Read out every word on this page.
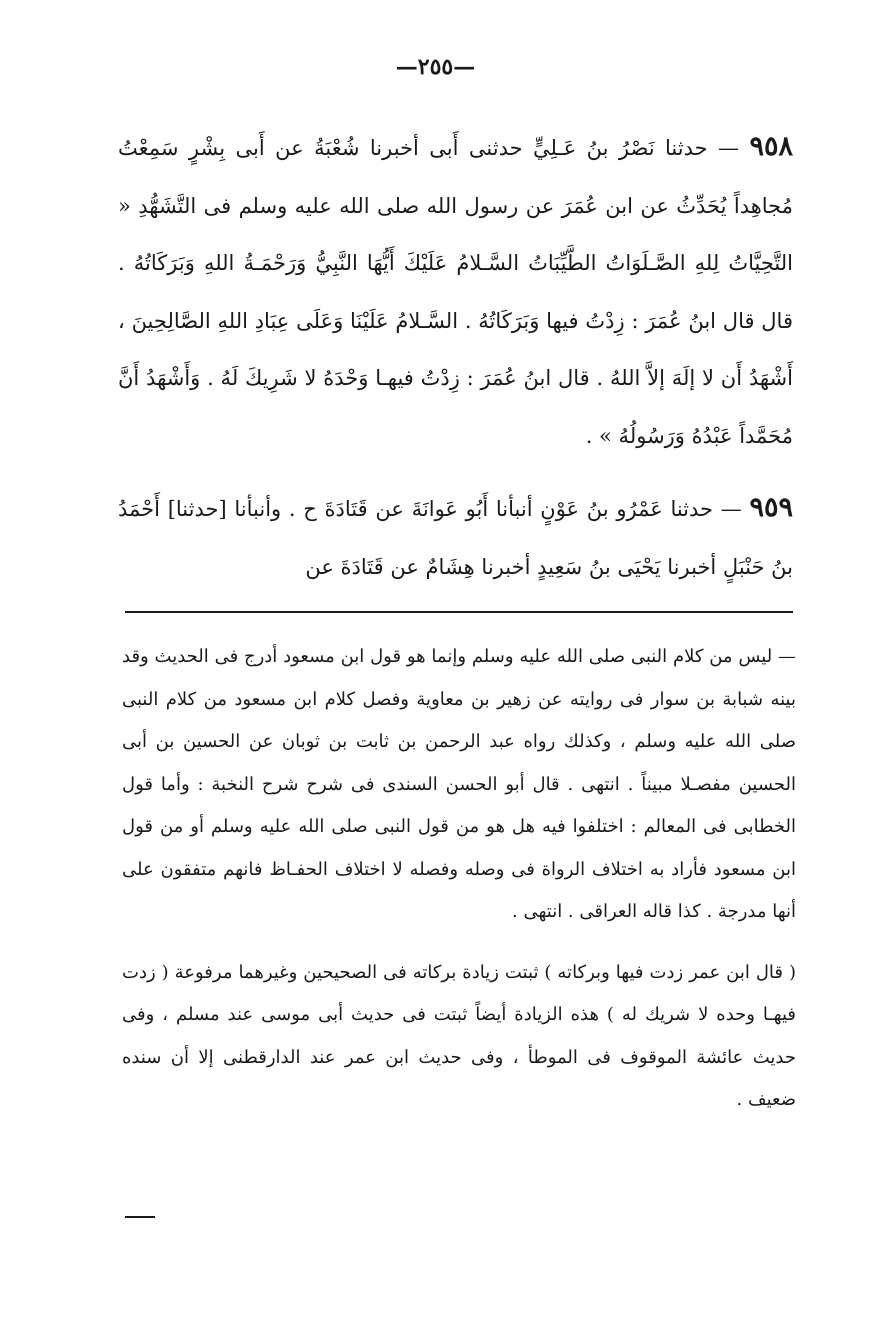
—٢٥٥—

٩٥٨ — حدثنا نَصْرُ بنُ عَـلِيٍّ حدثنى أَبى أخبرنا شُعْبَةُ عن أَبى بِشْرٍ سَمِعْتُ مُجاهِداً يُحَدِّثُ عن ابن عُمَرَ عن رسول الله صلى الله عليه وسلم فى التَّشَهُّدِ « التَّحِيَّاتُ لِلهِ الصَّـلَوَاتُ الطَّيِّبَاتُ السَّـلامُ عَلَيْكَ أَيُّهَا النَّبِيُّ وَرَحْمَـةُ اللهِ وَبَرَكَاتُهُ . قال قال ابنُ عُمَرَ : زِدْتُ فيها وَبَرَكَاتُهُ . السَّـلامُ عَلَيْنَا وَعَلَى عِبَادِ اللهِ الصَّالِحِينَ ، أَشْهَدُ أَن لا إلَهَ إلاَّ اللهُ . قال ابنُ عُمَرَ : زِدْتُ فيهـا وَحْدَهُ لا شَرِيكَ لَهُ . وَأَشْهَدُ أَنَّ مُحَمَّداً عَبْدُهُ وَرَسُولُهُ » .

٩٥٩ — حدثنا عَمْرُو بنُ عَوْنٍ أنبأنا أَبُو عَوانَةَ عن قَتَادَةَ ح . وأنبأنا [حدثنا] أَحْمَدُ بنُ حَنْبَلٍ أخبرنا يَحْيَى بنُ سَعِيدٍ أخبرنا هِشَامٌ عن قَتَادَةَ عن

— ليس من كلام النبى صلى الله عليه وسلم وإنما هو قول ابن مسعود أدرج فى الحديث وقد بينه شبابة بن سوار فى روايته عن زهير بن معاوية وفصل كلام ابن مسعود من كلام النبى صلى الله عليه وسلم ، وكذلك رواه عبد الرحمن بن ثابت بن ثوبان عن الحسين بن أبى الحسين مفصـلا مبيناً . انتهى . قال أبو الحسن السندى فى شرح شرح النخبة : وأما قول الخطابى فى المعالم : اختلفوا فيه هل هو من قول النبى صلى الله عليه وسلم أو من قول ابن مسعود فأراد به اختلاف الرواة فى وصله وفصله لا اختلاف الحفـاظ فانهم متفقون على أنها مدرجة . كذا قاله العراقى . انتهى .

( قال ابن عمر زدت فيها وبركاته ) ثبتت زيادة بركاته فى الصحيحين وغيرهما مرفوعة ( زدت فيهـا وحده لا شريك له ) هذه الزيادة أيضاً ثبتت فى حديث أبى موسى عند مسلم ، وفى حديث عائشة الموقوف فى الموطأ ، وفى حديث ابن عمر عند الدارقطنى إلا أن سنده ضعيف .
